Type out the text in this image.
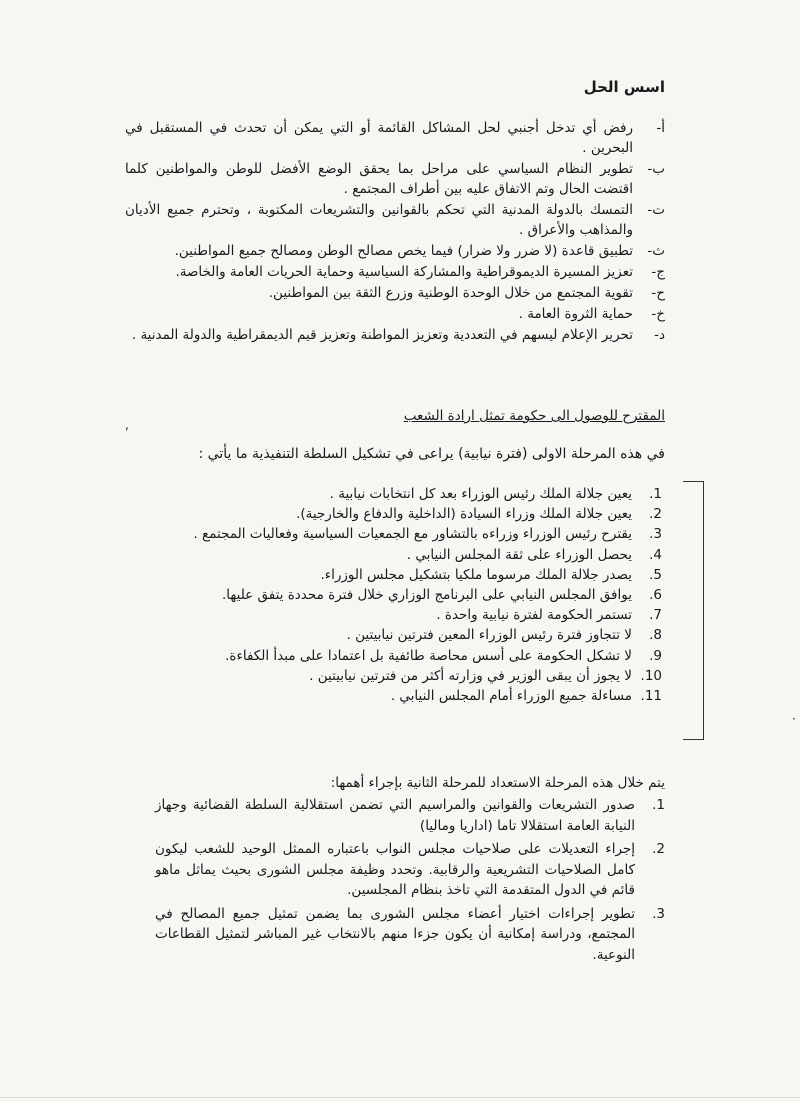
اسس الحل
أ-
رفض أي تدخل أجنبي لحل المشاكل القائمة أو التي يمكن أن تحدث في المستقبل في البحرين .
ب-
تطوير النظام السياسي على مراحل بما يحقق الوضع الأفضل للوطن والمواطنين كلما اقتضت الحال وتم الاتفاق عليه بين أطراف المجتمع .
ت-
التمسك بالدولة المدنية التي تحكم بالقوانين والتشريعات المكتوبة ، وتحترم جميع الأديان والمذاهب والأعراق .
ث-
تطبيق قاعدة (لا ضرر ولا ضرار) فيما يخص مصالح الوطن ومصالح جميع المواطنين.
ج-
تعزيز المسيرة الديموقراطية والمشاركة السياسية وحماية الحريات العامة والخاصة.
ح-
تقوية المجتمع من خلال الوحدة الوطنية وزرع الثقة بين المواطنين.
خ-
حماية الثروة العامة .
د-
تحرير الإعلام ليسهم في التعددية وتعزيز المواطنة وتعزيز قيم الديمقراطية والدولة المدنية .
,
المقترح للوصول الى حكومة تمثل ارادة الشعب
في هذه المرحلة الاولى (فترة نيابية) يراعى في تشكيل السلطة التنفيذية ما يأتي :
1.
يعين جلالة الملك رئيس الوزراء بعد كل انتخابات نيابية .
2.
يعين جلالة الملك وزراء السيادة (الداخلية والدفاع والخارجية).
3.
يقترح رئيس الوزراء وزراءه بالتشاور مع الجمعيات السياسية وفعاليات المجتمع .
4.
يحصل الوزراء على ثقة المجلس النيابي .
5.
يصدر جلالة الملك مرسوما ملكيا بتشكيل مجلس الوزراء.
6.
يوافق المجلس النيابي على البرنامج الوزاري خلال فترة محددة يتفق عليها.
7.
تستمر الحكومة لفترة نيابية واحدة .
8.
لا تتجاوز فترة رئيس الوزراء المعين فترتين نيابيتين .
9.
لا تشكل الحكومة على أسس محاصة طائفية بل اعتمادا على مبدأ الكفاءة.
10.
لا يجوز أن يبقى الوزير في وزارته أكثر من فترتين نيابيتين .
11.
مساءلة جميع الوزراء أمام المجلس النيابي .
·
يتم خلال هذه المرحلة الاستعداد للمرحلة الثانية بإجراء أهمها:
1.
صدور التشريعات والقوانين والمراسيم التي تضمن استقلالية السلطة القضائية وجهاز النيابة العامة استقلالا تاما (اداريا وماليا)
2.
إجراء التعديلات على صلاحيات مجلس النواب باعتباره الممثل الوحيد للشعب ليكون كامل الصلاحيات التشريعية والرقابية. وتحدد وظيفة مجلس الشورى بحيث يماثل ماهو قائم في الدول المتقدمة التي تاخذ بنظام المجلسين.
3.
تطوير إجراءات اختيار أعضاء مجلس الشورى بما يضمن تمثيل جميع المصالح في المجتمع، ودراسة إمكانية أن يكون جزءا منهم بالانتخاب غير المباشر لتمثيل القطاعات النوعية.
